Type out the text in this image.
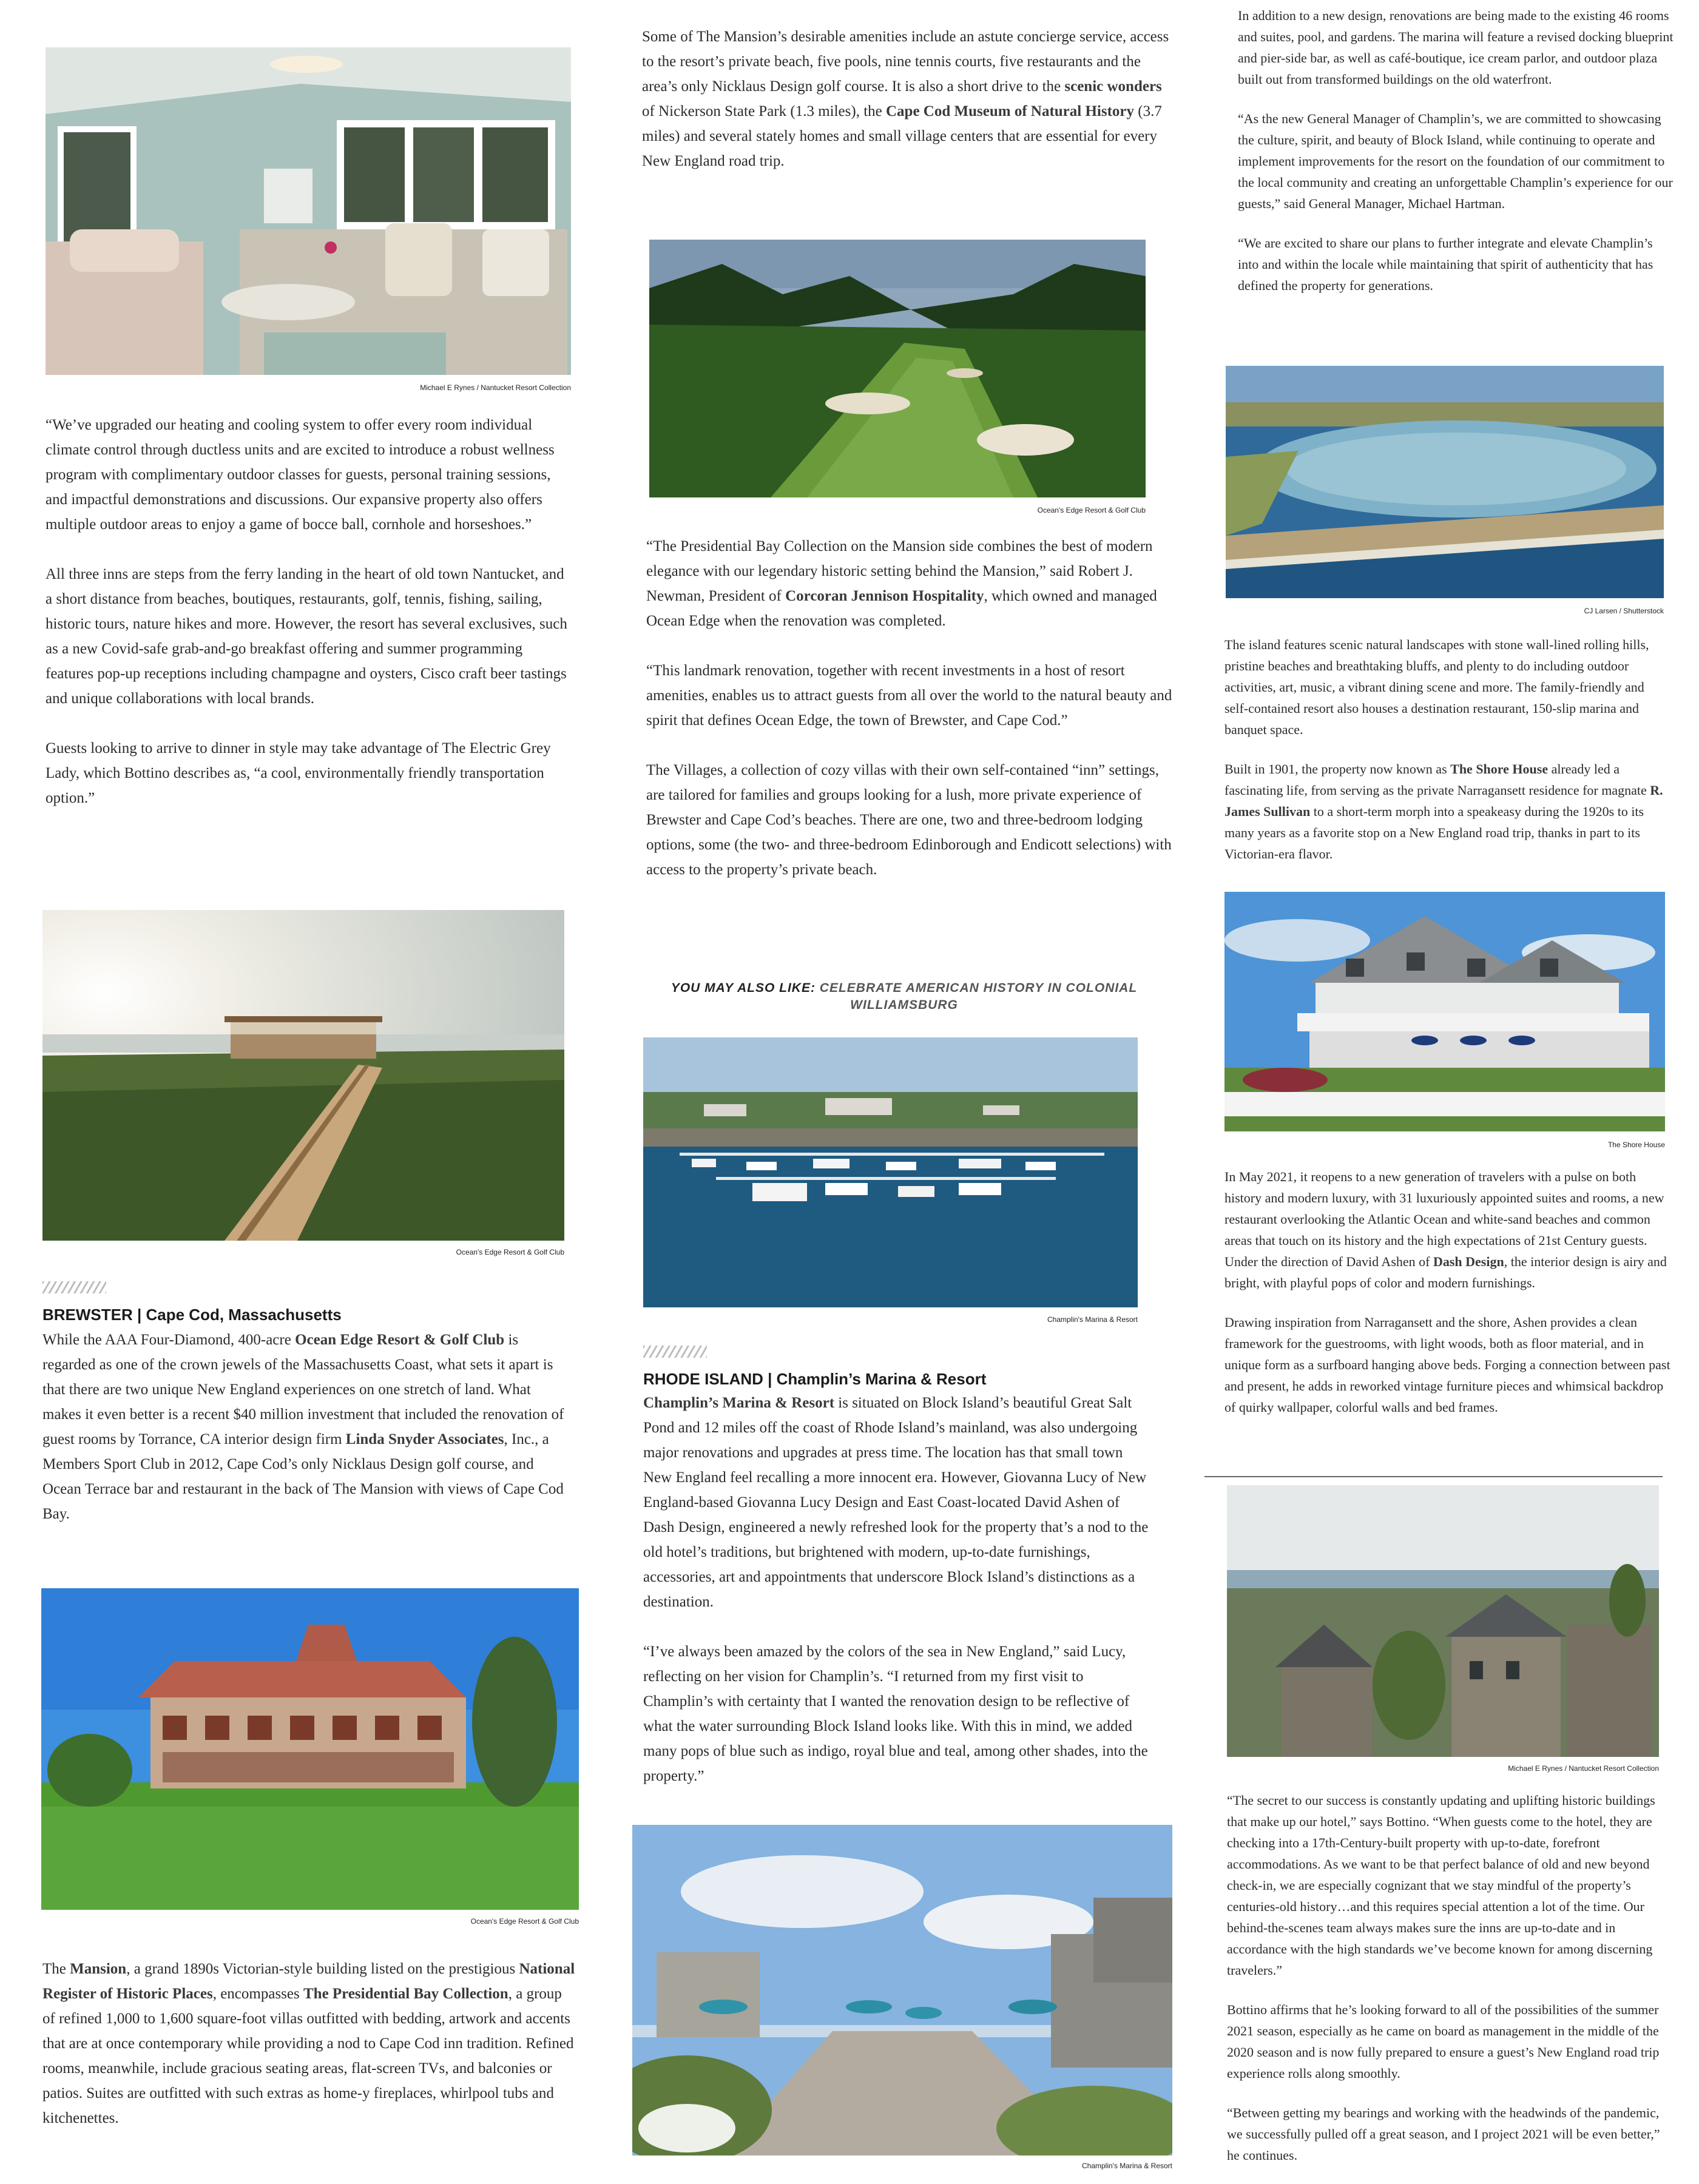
Michael E Rynes / Nantucket Resort Collection

“We’ve upgraded our heating and cooling system to offer every room individual climate control through ductless units and are excited to introduce a robust wellness program with complimentary outdoor classes for guests, personal training sessions, and impactful demonstrations and discussions. Our expansive property also offers multiple outdoor areas to enjoy a game of bocce ball, cornhole and horseshoes.”

All three inns are steps from the ferry landing in the heart of old town Nantucket, and a short distance from beaches, boutiques, restaurants, golf, tennis, fishing, sailing, historic tours, nature hikes and more. However, the resort has several exclusives, such as a new Covid-safe grab-and-go breakfast offering and summer programming features pop-up receptions including champagne and oysters, Cisco craft beer tastings and unique collaborations with local brands.

Guests looking to arrive to dinner in style may take advantage of The Electric Grey Lady, which Bottino describes as, “a cool, environmentally friendly transportation option.”

Ocean's Edge Resort & Golf Club
BREWSTER | Cape Cod, Massachusetts

While the AAA Four-Diamond, 400-acre Ocean Edge Resort & Golf Club is regarded as one of the crown jewels of the Massachusetts Coast, what sets it apart is that there are two unique New England experiences on one stretch of land. What makes it even better is a recent $40 million investment that included the renovation of guest rooms by Torrance, CA interior design firm Linda Snyder Associates, Inc., a Members Sport Club in 2012, Cape Cod’s only Nicklaus Design golf course, and Ocean Terrace bar and restaurant in the back of The Mansion with views of Cape Cod Bay.

Ocean's Edge Resort & Golf Club

The Mansion, a grand 1890s Victorian-style building listed on the prestigious National Register of Historic Places, encompasses The Presidential Bay Collection, a group of refined 1,000 to 1,600 square-foot villas outfitted with bedding, artwork and accents that are at once contemporary while providing a nod to Cape Cod inn tradition. Refined rooms, meanwhile, include gracious seating areas, flat-screen TVs, and balconies or patios. Suites are outfitted with such extras as home-y fireplaces, whirlpool tubs and kitchenettes.

Some of The Mansion’s desirable amenities include an astute concierge service, access to the resort’s private beach, five pools, nine tennis courts, five restaurants and the area’s only Nicklaus Design golf course. It is also a short drive to the scenic wonders of Nickerson State Park (1.3 miles), the Cape Cod Museum of Natural History (3.7 miles) and several stately homes and small village centers that are essential for every New England road trip.

Ocean's Edge Resort & Golf Club

“The Presidential Bay Collection on the Mansion side combines the best of modern elegance with our legendary historic setting behind the Mansion,” said Robert J. Newman, President of Corcoran Jennison Hospitality, which owned and managed Ocean Edge when the renovation was completed.

“This landmark renovation, together with recent investments in a host of resort amenities, enables us to attract guests from all over the world to the natural beauty and spirit that defines Ocean Edge, the town of Brewster, and Cape Cod.”

The Villages, a collection of cozy villas with their own self-contained “inn” settings, are tailored for families and groups looking for a lush, more private experience of Brewster and Cape Cod’s beaches. There are one, two and three-bedroom lodging options, some (the two- and three-bedroom Edinborough and Endicott selections) with access to the property’s private beach.

YOU MAY ALSO LIKE: CELEBRATE AMERICAN HISTORY IN COLONIAL WILLIAMSBURG
Champlin's Marina & Resort
RHODE ISLAND | Champlin’s Marina & Resort

Champlin’s Marina & Resort is situated on Block Island’s beautiful Great Salt Pond and 12 miles off the coast of Rhode Island’s mainland, was also undergoing major renovations and upgrades at press time. The location has that small town New England feel recalling a more innocent era. However, Giovanna Lucy of New England-based Giovanna Lucy Design and East Coast-located David Ashen of Dash Design, engineered a newly refreshed look for the property that’s a nod to the old hotel’s traditions, but brightened with modern, up-to-date furnishings, accessories, art and appointments that underscore Block Island’s distinctions as a destination.

“I’ve always been amazed by the colors of the sea in New England,” said Lucy, reflecting on her vision for Champlin’s. “I returned from my first visit to Champlin’s with certainty that I wanted the renovation design to be reflective of what the water surrounding Block Island looks like. With this in mind, we added many pops of blue such as indigo, royal blue and teal, among other shades, into the property.”

Champlin's Marina & Resort

In addition to a new design, renovations are being made to the existing 46 rooms and suites, pool, and gardens. The marina will feature a revised docking blueprint and pier-side bar, as well as café-boutique, ice cream parlor, and outdoor plaza built out from transformed buildings on the old waterfront.

“As the new General Manager of Champlin’s, we are committed to showcasing the culture, spirit, and beauty of Block Island, while continuing to operate and implement improvements for the resort on the foundation of our commitment to the local community and creating an unforgettable Champlin’s experience for our guests,” said General Manager, Michael Hartman.

“We are excited to share our plans to further integrate and elevate Champlin’s into and within the locale while maintaining that spirit of authenticity that has defined the property for generations.

CJ Larsen / Shutterstock

The island features scenic natural landscapes with stone wall-lined rolling hills, pristine beaches and breathtaking bluffs, and plenty to do including outdoor activities, art, music, a vibrant dining scene and more. The family-friendly and self-contained resort also houses a destination restaurant, 150-slip marina and banquet space.

Built in 1901, the property now known as The Shore House already led a fascinating life, from serving as the private Narragansett residence for magnate R. James Sullivan to a short-term morph into a speakeasy during the 1920s to its many years as a favorite stop on a New England road trip, thanks in part to its Victorian-era flavor.

The Shore House

In May 2021, it reopens to a new generation of travelers with a pulse on both history and modern luxury, with 31 luxuriously appointed suites and rooms, a new restaurant overlooking the Atlantic Ocean and white-sand beaches and common areas that touch on its history and the high expectations of 21st Century guests. Under the direction of David Ashen of Dash Design, the interior design is airy and bright, with playful pops of color and modern furnishings.

Drawing inspiration from Narragansett and the shore, Ashen provides a clean framework for the guestrooms, with light woods, both as floor material, and in unique form as a surfboard hanging above beds. Forging a connection between past and present, he adds in reworked vintage furniture pieces and whimsical backdrop of quirky wallpaper, colorful walls and bed frames.

Michael E Rynes / Nantucket Resort Collection

“The secret to our success is constantly updating and uplifting historic buildings that make up our hotel,” says Bottino. “When guests come to the hotel, they are checking into a 17th-Century-built property with up-to-date, forefront accommodations. As we want to be that perfect balance of old and new beyond check-in, we are especially cognizant that we stay mindful of the property’s centuries-old history…and this requires special attention a lot of the time. Our behind-the-scenes team always makes sure the inns are up-to-date and in accordance with the high standards we’ve become known for among discerning travelers.”

Bottino affirms that he’s looking forward to all of the possibilities of the summer 2021 season, especially as he came on board as management in the middle of the 2020 season and is now fully prepared to ensure a guest’s New England road trip experience rolls along smoothly.

“Between getting my bearings and working with the headwinds of the pandemic, we successfully pulled off a great season, and I project 2021 will be even better,” he continues.
